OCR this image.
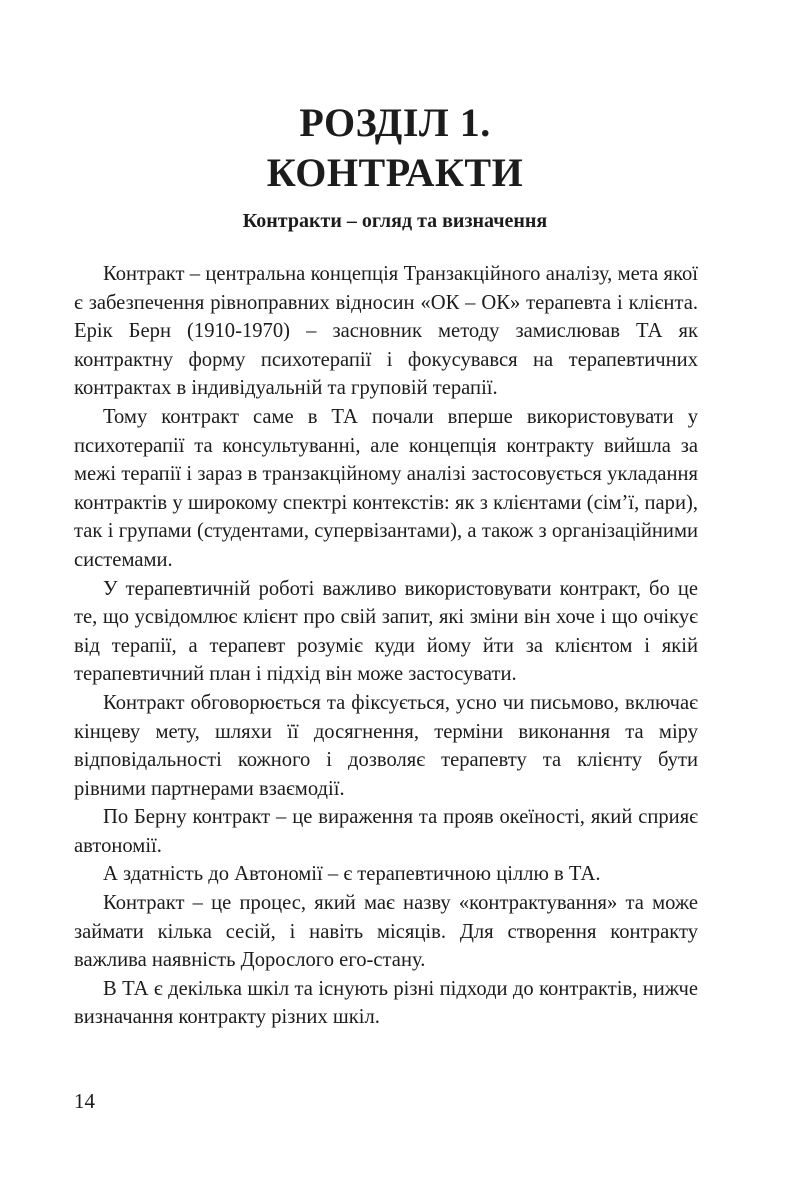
РОЗДІЛ 1.
КОНТРАКТИ
Контракти – огляд та визначення

Контракт – центральна концепція Транзакційного аналізу, мета якої є забезпечення рівноправних відносин «ОК – ОК» терапевта і клієнта. Ерік Берн (1910-1970) – засновник методу замислював ТА як контрактну форму психотерапії і фокусувався на терапевтичних контрактах в індивідуальній та груповій терапії.

Тому контракт саме в ТА почали вперше використовувати у психотерапії та консультуванні, але концепція контракту вийшла за межі терапії і зараз в транзакційному аналізі застосовується укладання контрактів у широкому спектрі контекстів: як з клієнтами (сім’ї, пари), так і групами (студентами, супервізантами), а також з організаційними системами.

У терапевтичній роботі важливо використовувати контракт, бо це те, що усвідомлює клієнт про свій запит, які зміни він хоче і що очікує від терапії, а терапевт розуміє куди йому йти за клієнтом і якій терапевтичний план і підхід він може застосувати.

Контракт обговорюється та фіксується, усно чи письмово, включає кінцеву мету, шляхи її досягнення, терміни виконання та міру відповідальності кожного і дозволяє терапевту та клієнту бути рівними партнерами взаємодії.

По Берну контракт – це вираження та прояв океїності, який сприяє автономії.

А здатність до Автономії – є терапевтичною ціллю в ТА.

Контракт – це процес, який має назву «контрактування» та може займати кілька сесій, і навіть місяців. Для створення контракту важлива наявність Дорослого его-стану.

В ТА є декілька шкіл та існують різні підходи до контрактів, нижче визначання контракту різних шкіл.

14
